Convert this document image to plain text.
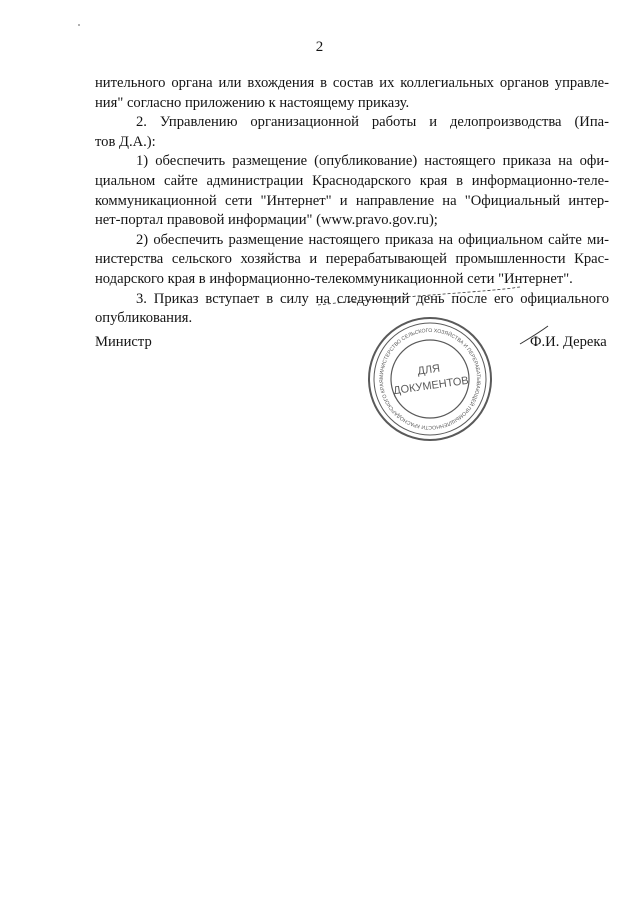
2

нительного органа или вхождения в состав их коллегиальных органов управле-

ния" согласно приложению к настоящему приказу.

2. Управлению организационной работы и делопроизводства (Ипа-

тов Д.А.):

1) обеспечить размещение (опубликование) настоящего приказа на офи-

циальном сайте администрации Краснодарского края в информационно-теле-

коммуникационной сети "Интернет" и направление на "Официальный интер-

нет-портал правовой информации" (www.pravo.gov.ru);

2) обеспечить размещение настоящего приказа на официальном сайте ми-

нистерства сельского хозяйства и перерабатывающей промышленности Крас-

нодарского края в информационно-телекоммуникационной сети "Интернет".

3. Приказ вступает в силу на следующий день после его официального

опубликования.

Министр	Ф.И. Дерека
МИНИСТЕРСТВО СЕЛЬСКОГО ХОЗЯЙСТВА И ПЕРЕРАБАТЫВАЮЩЕЙ ПРОМЫШЛЕННОСТИ КРАСНОДАРСКОГО КРАЯ
ДЛЯ
ДОКУМЕНТОВ
